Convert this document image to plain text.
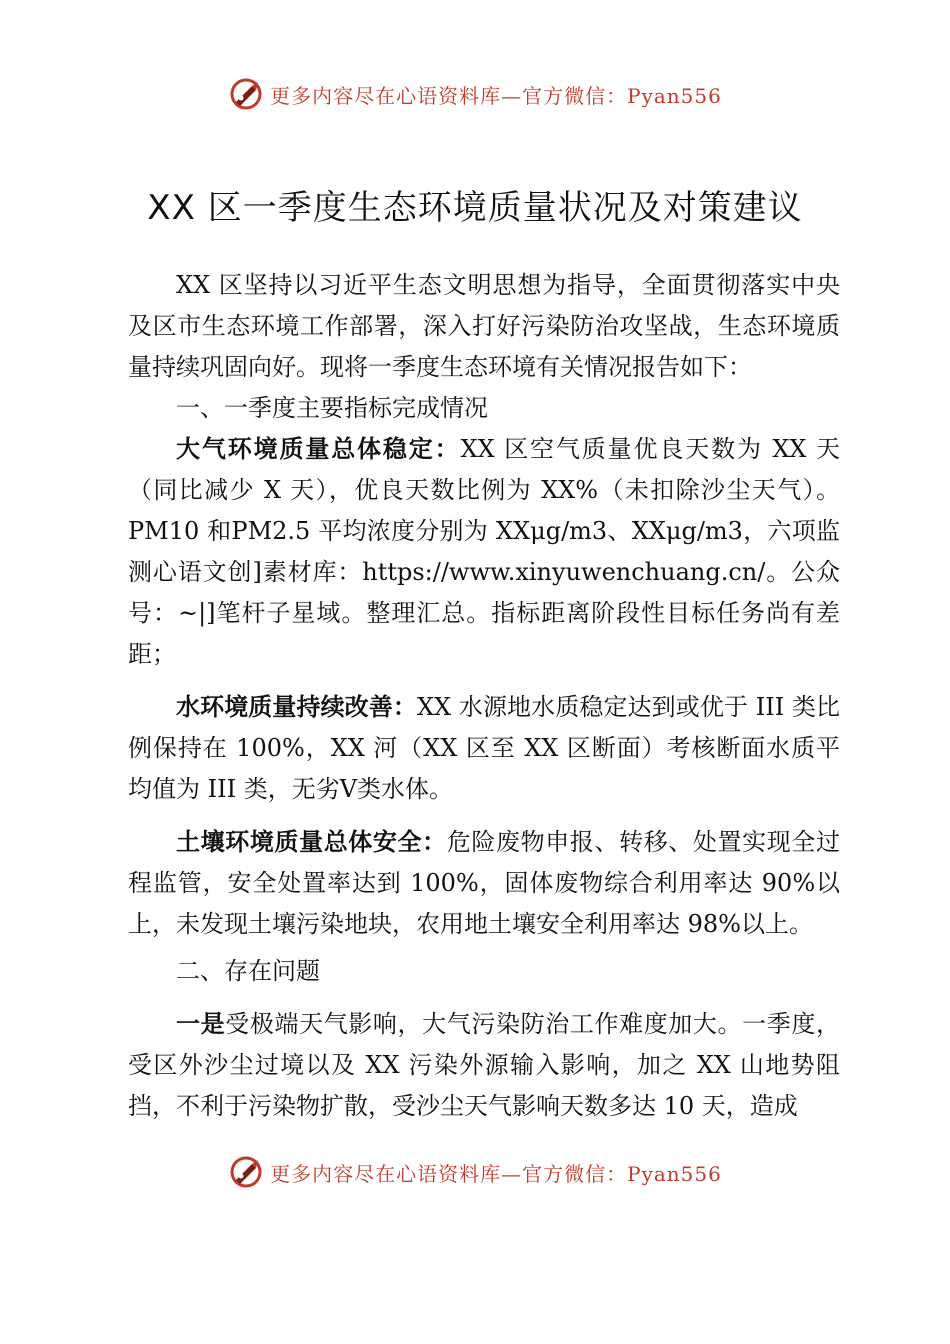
更多内容尽在心语资料库—官方微信：Pyan556
XX 区一季度生态环境质量状况及对策建议

XX 区坚持以习近平生态文明思想为指导，全面贯彻落实中央及区市生态环境工作部署，深入打好污染防治攻坚战，生态环境质量持续巩固向好。现将一季度生态环境有关情况报告如下：

一、一季度主要指标完成情况

大气环境质量总体稳定：XX 区空气质量优良天数为 XX 天（同比减少 X 天），优良天数比例为 XX%（未扣除沙尘天气）。PM10 和PM2.5 平均浓度分别为 XXμg/m3、XXμg/m3，六项监测心语文创]素材库：https://www.xinyuwenchuang.cn/。公众号：~|]笔杆子星域。整理汇总。指标距离阶段性目标任务尚有差距；

水环境质量持续改善：XX 水源地水质稳定达到或优于 III 类比例保持在 100%，XX 河（XX 区至 XX 区断面）考核断面水质平均值为 III 类，无劣Ⅴ类水体。

土壤环境质量总体安全：危险废物申报、转移、处置实现全过程监管，安全处置率达到 100%，固体废物综合利用率达 90%以上，未发现土壤污染地块，农用地土壤安全利用率达 98%以上。

二、存在问题

一是受极端天气影响，大气污染防治工作难度加大。一季度，受区外沙尘过境以及 XX 污染外源输入影响，加之 XX 山地势阻挡，不利于污染物扩散，受沙尘天气影响天数多达 10 天，造成

更多内容尽在心语资料库—官方微信：Pyan556
